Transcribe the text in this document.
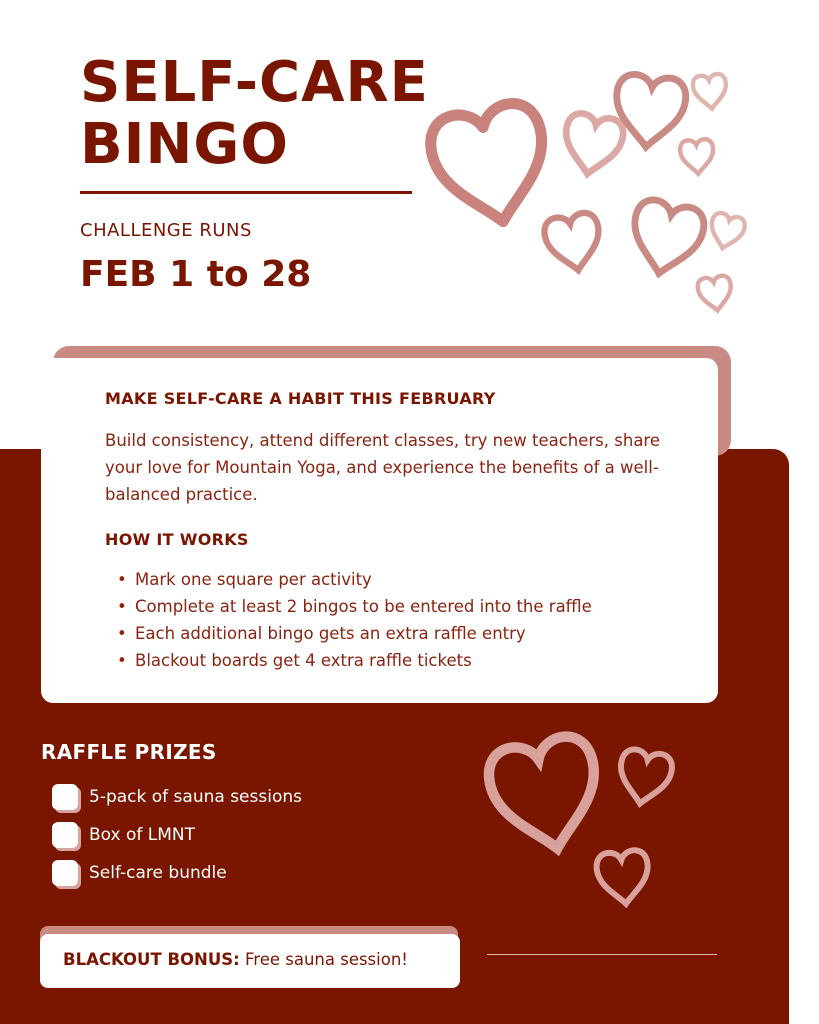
SELF-CARE
BINGO
CHALLENGE RUNS
FEB 1 to 28
MAKE SELF-CARE A HABIT THIS FEBRUARY
Build consistency, attend different classes, try new teachers, share your love for Mountain Yoga, and experience the benefits of a well-balanced practice.
HOW IT WORKS
• Mark one square per activity
• Complete at least 2 bingos to be entered into the raffle
• Each additional bingo gets an extra raffle entry
• Blackout boards get 4 extra raffle tickets
RAFFLE PRIZES
5-pack of sauna sessions
Box of LMNT
Self-care bundle
BLACKOUT BONUS: Free sauna session!
